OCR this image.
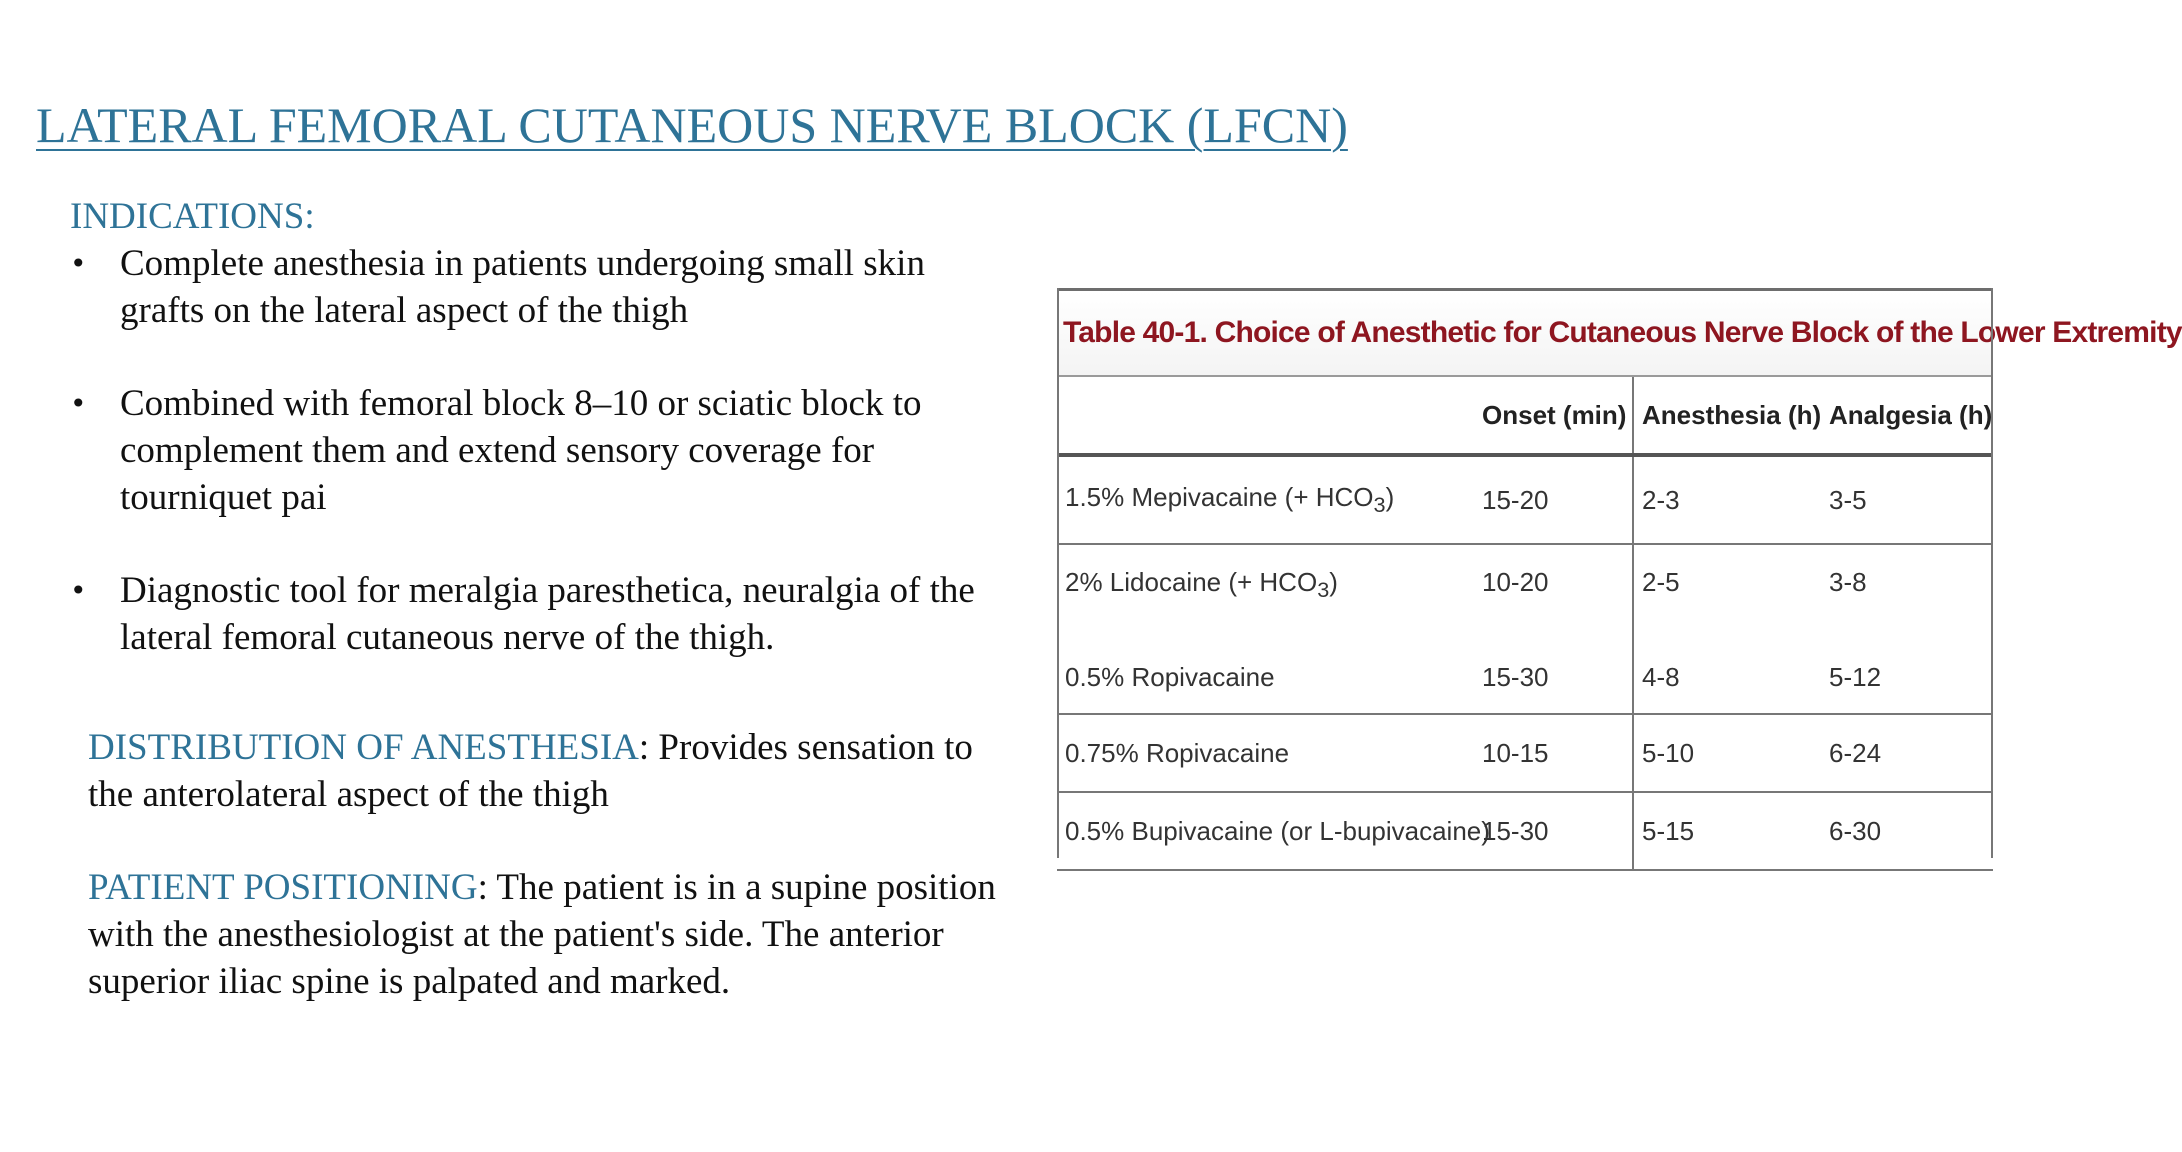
LATERAL FEMORAL CUTANEOUS NERVE BLOCK (LFCN)
INDICATIONS:
• Complete anesthesia in patients undergoing small skin grafts on the lateral aspect of the thigh
• Combined with femoral block 8–10 or sciatic block to complement them and extend sensory coverage for tourniquet pai
• Diagnostic tool for meralgia paresthetica, neuralgia of the lateral femoral cutaneous nerve of the thigh.
DISTRIBUTION OF ANESTHESIA: Provides sensation to the anterolateral aspect of the thigh
PATIENT POSITIONING: The patient is in a supine position with the anesthesiologist at the patient's side. The anterior superior iliac spine is palpated and marked.
Table 40-1. Choice of Anesthetic for Cutaneous Nerve Block of the Lower Extremity
	Onset (min)	Anesthesia (h)	Analgesia (h)
1.5% Mepivacaine (+ $HCO_3$)	15-20	2-3	3-5
2% Lidocaine (+ $HCO_3$)	10-20	2-5	3-8
0.5% Ropivacaine	15-30	4-8	5-12
0.75% Ropivacaine	10-15	5-10	6-24
0.5% Bupivacaine (or L-bupivacaine)	15-30	5-15	6-30
